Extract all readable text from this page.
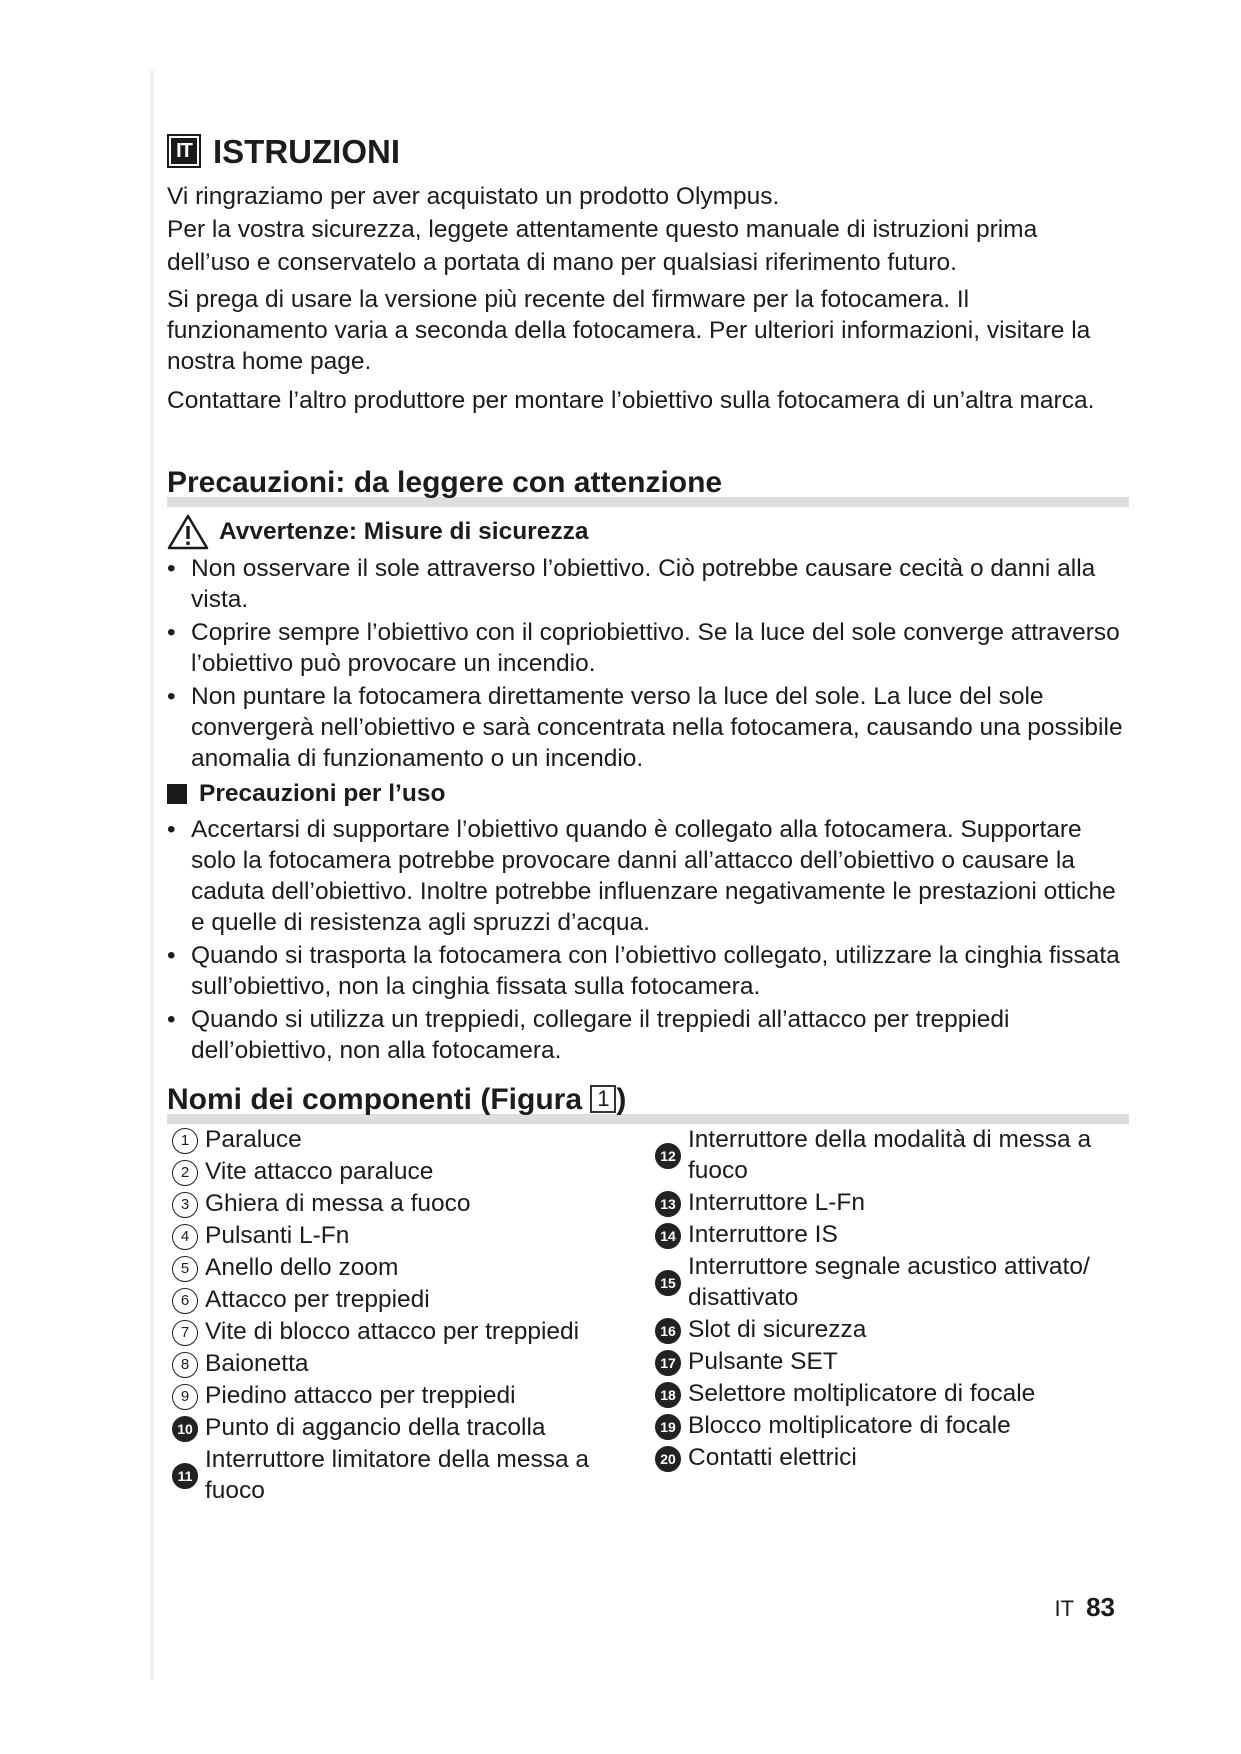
IT ISTRUZIONI

Vi ringraziamo per aver acquistato un prodotto Olympus.

Per la vostra sicurezza, leggete attentamente questo manuale di istruzioni prima dell’uso e conservatelo a portata di mano per qualsiasi riferimento futuro.

Si prega di usare la versione più recente del firmware per la fotocamera. Il funzionamento varia a seconda della fotocamera. Per ulteriori informazioni, visitare la nostra home page.

Contattare l’altro produttore per montare l’obiettivo sulla fotocamera di un’altra marca.

Precauzioni: da leggere con attenzione
Avvertenze: Misure di sicurezza
• Non osservare il sole attraverso l’obiettivo. Ciò potrebbe causare cecità o danni alla vista.
• Coprire sempre l’obiettivo con il copriobiettivo. Se la luce del sole converge attraverso l’obiettivo può provocare un incendio.
• Non puntare la fotocamera direttamente verso la luce del sole. La luce del sole convergerà nell’obiettivo e sarà concentrata nella fotocamera, causando una possibile anomalia di funzionamento o un incendio.
Precauzioni per l’uso
• Accertarsi di supportare l’obiettivo quando è collegato alla fotocamera. Supportare solo la fotocamera potrebbe provocare danni all’attacco dell’obiettivo o causare la caduta dell’obiettivo. Inoltre potrebbe influenzare negativamente le prestazioni ottiche e quelle di resistenza agli spruzzi d’acqua.
• Quando si trasporta la fotocamera con l’obiettivo collegato, utilizzare la cinghia fissata sull’obiettivo, non la cinghia fissata sulla fotocamera.
• Quando si utilizza un treppiedi, collegare il treppiedi all’attacco per treppiedi dell’obiettivo, non alla fotocamera.
Nomi dei componenti (Figura 1 )
1 Paraluce
2 Vite attacco paraluce
3 Ghiera di messa a fuoco
4 Pulsanti L-Fn
5 Anello dello zoom
6 Attacco per treppiedi
7 Vite di blocco attacco per treppiedi
8 Baionetta
9 Piedino attacco per treppiedi
10 Punto di aggancio della tracolla
11
Interruttore limitatore della messa a fuoco
12
Interruttore della modalità di messa a fuoco
13 Interruttore L-Fn
14 Interruttore IS
15
Interruttore segnale acustico attivato/ disattivato
16 Slot di sicurezza
17 Pulsante SET
18 Selettore moltiplicatore di focale
19 Blocco moltiplicatore di focale
20 Contatti elettrici
IT 83
